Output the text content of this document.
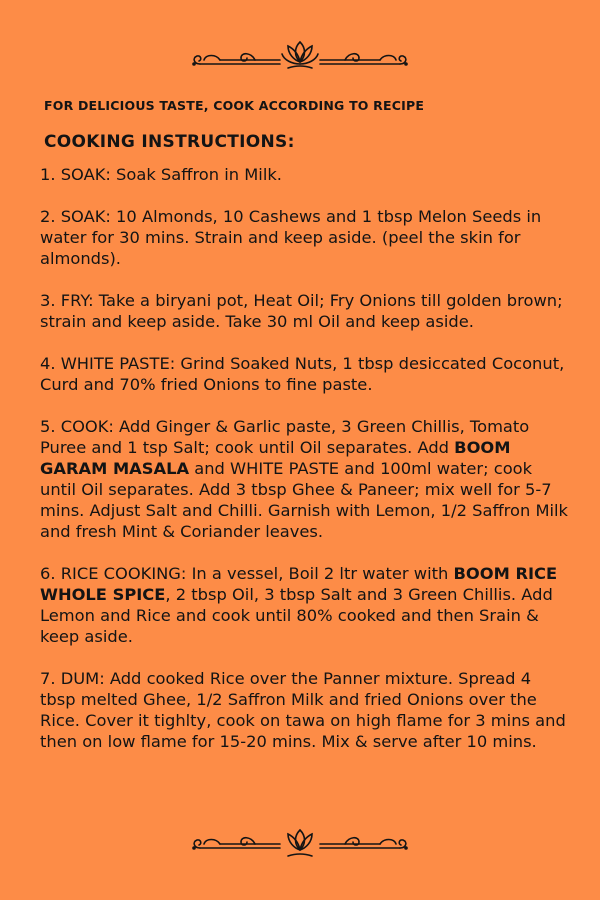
FOR DELICIOUS TASTE, COOK ACCORDING TO RECIPE
COOKING INSTRUCTIONS:
1. SOAK: Soak Saffron in Milk.
2. SOAK: 10 Almonds, 10 Cashews and 1 tbsp Melon Seeds in water for 30 mins. Strain and keep aside. (peel the skin for almonds).
3. FRY: Take a biryani pot, Heat Oil; Fry Onions till golden brown; strain and keep aside. Take 30 ml Oil and keep aside.
4. WHITE PASTE: Grind Soaked Nuts, 1 tbsp desiccated Coconut, Curd and 70% fried Onions to fine paste.
5. COOK: Add Ginger & Garlic paste, 3 Green Chillis, Tomato Puree and 1 tsp Salt; cook until Oil separates. Add BOOM GARAM MASALA and WHITE PASTE and 100ml water; cook until Oil separates. Add 3 tbsp Ghee & Paneer; mix well for 5-7 mins. Adjust Salt and Chilli. Garnish with Lemon, 1/2 Saffron Milk and fresh Mint & Coriander leaves.
6. RICE COOKING: In a vessel, Boil 2 ltr water with BOOM RICE WHOLE SPICE, 2 tbsp Oil, 3 tbsp Salt and 3 Green Chillis. Add Lemon and Rice and cook until 80% cooked and then Srain & keep aside.
7. DUM: Add cooked Rice over the Panner mixture. Spread 4 tbsp melted Ghee, 1/2 Saffron Milk and fried Onions over the Rice. Cover it tighlty, cook on tawa on high flame for 3 mins and then on low flame for 15-20 mins. Mix & serve after 10 mins.
